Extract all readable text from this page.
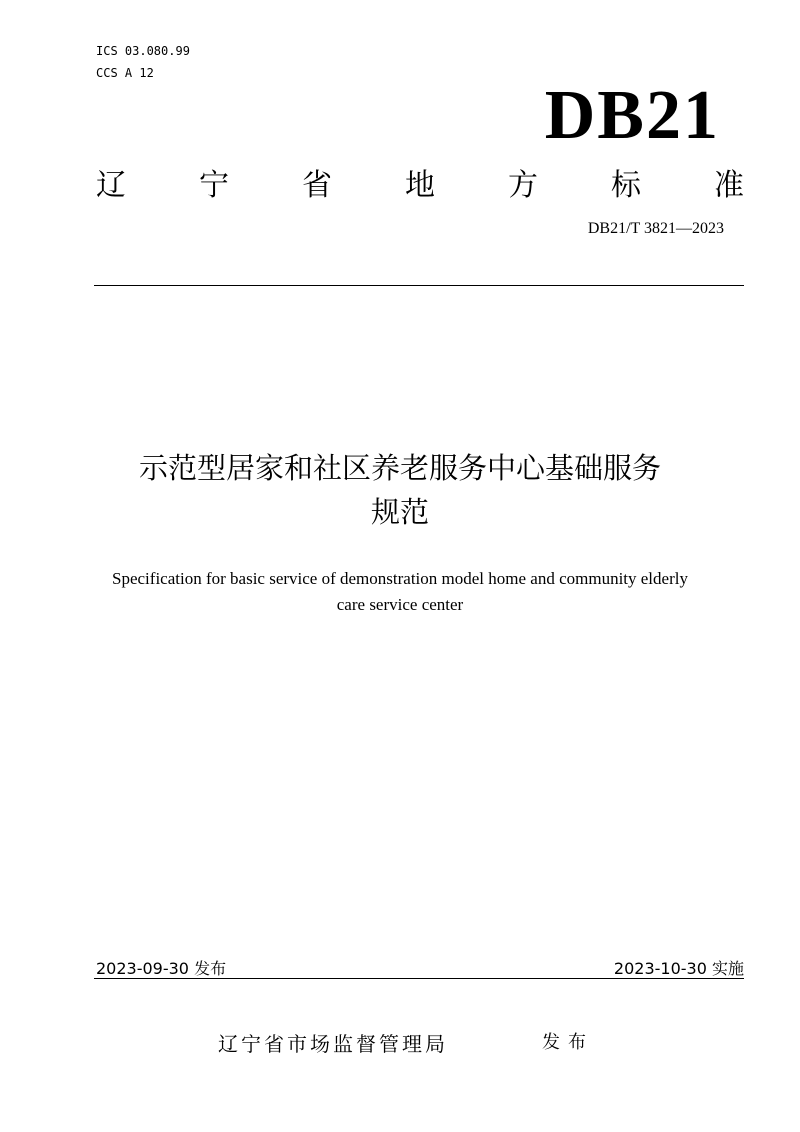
ICS 03.080.99
CCS A 12
DB21
辽 宁 省 地 方 标 准
DB21/T 3821—2023
示范型居家和社区养老服务中心基础服务
规范
Specification for basic service of demonstration model home and community elderly
care service center
2023-09-30 发布	2023-10-30 实施
辽宁省市场监督管理局	发布
